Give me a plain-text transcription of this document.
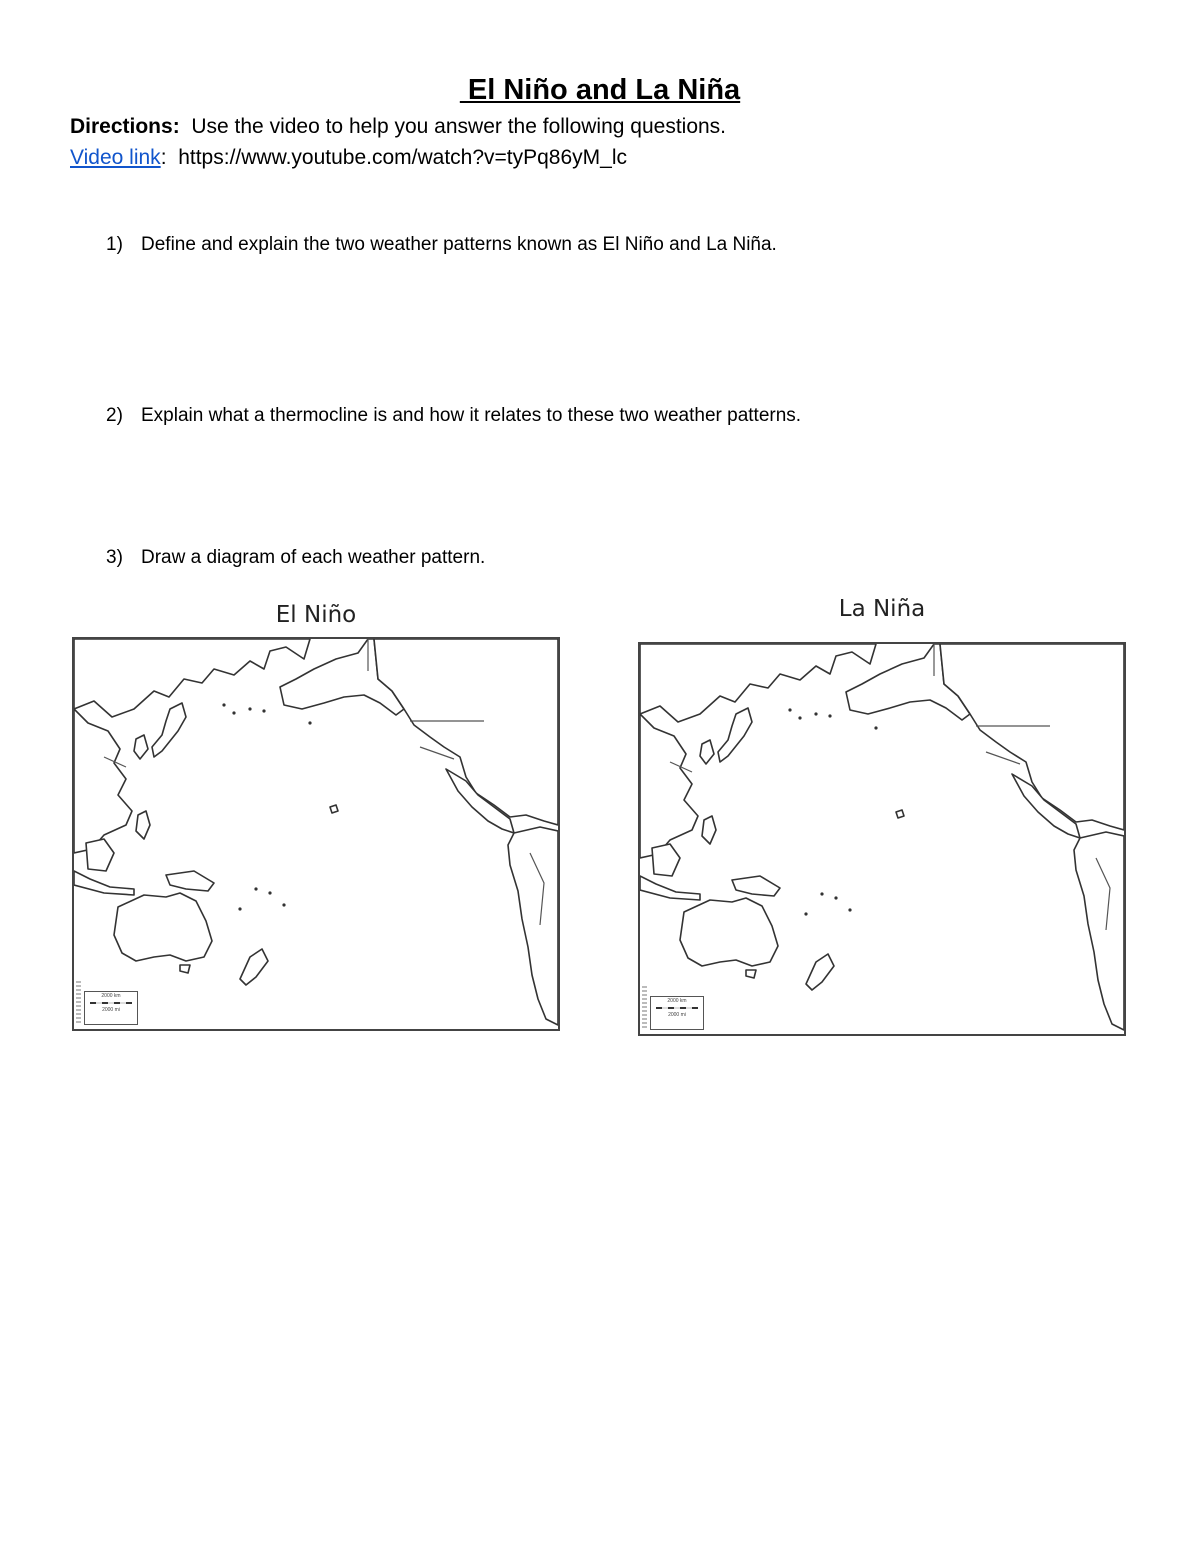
El Niño and La Niña
Directions:  Use the video to help you answer the following questions.
Video link:  https://www.youtube.com/watch?v=tyPq86yM_lc
1) Define and explain the two weather patterns known as El Niño and La Niña.
2) Explain what a thermocline is and how it relates to these two weather patterns.
3) Draw a diagram of each weather pattern.
El Niño
2000 km
2000 mi
La Niña
2000 km
2000 mi
